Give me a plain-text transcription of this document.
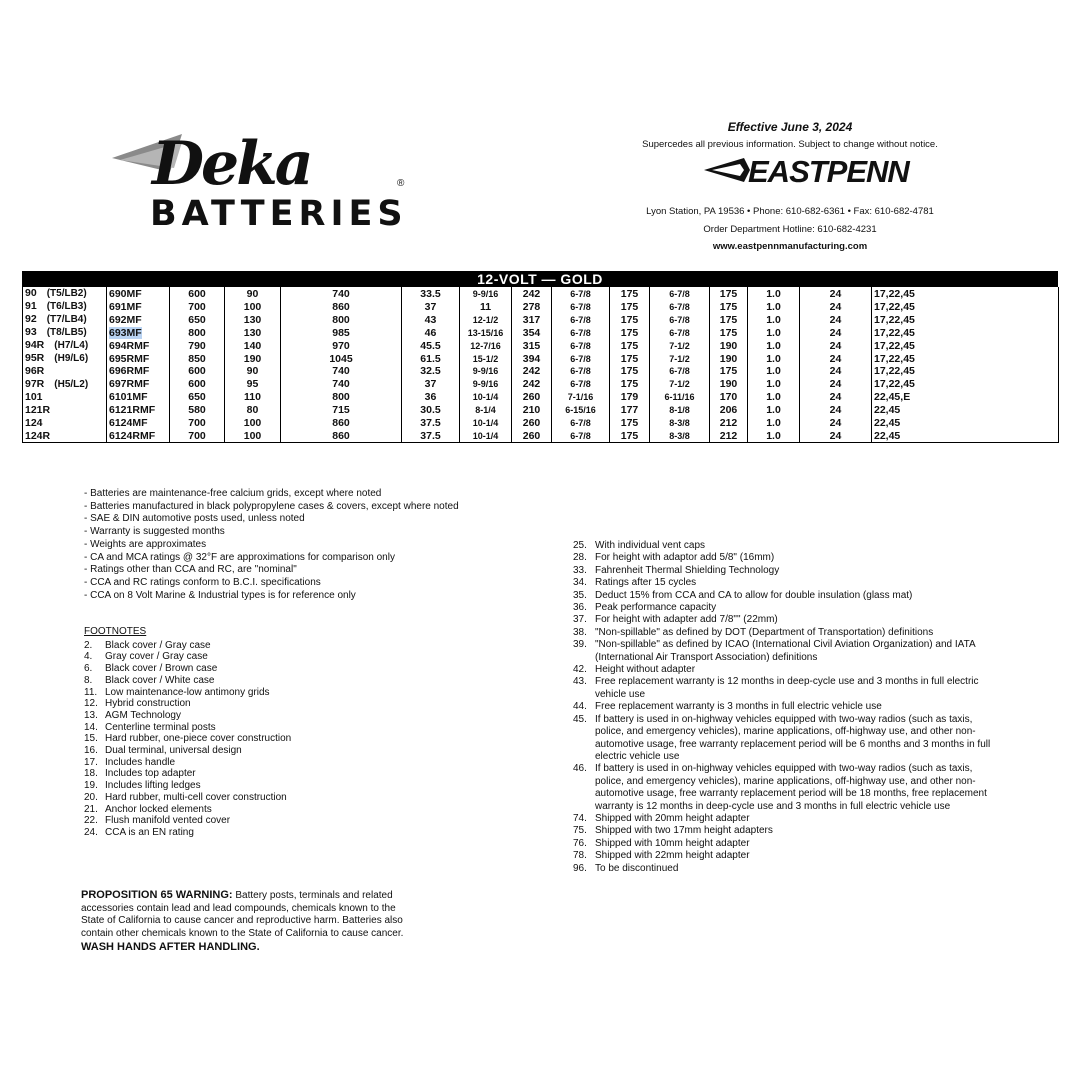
Deka	®
BATTERIES
Effective June 3, 2024
Supercedes all previous information. Subject to change without notice.
EASTPENN
Lyon Station, PA 19536 • Phone: 610-682-6361 • Fax: 610-682-4781
Order Department Hotline: 610-682-4231
www.eastpennmanufacturing.com
12-VOLT — GOLD
90 (T5/LB2)	690MF	600	90	740	33.5	9-9/16	242	6-7/8	175	6-7/8	175	1.0	24	17,22,45
91 (T6/LB3)	691MF	700	100	860	37	11	278	6-7/8	175	6-7/8	175	1.0	24	17,22,45
92 (T7/LB4)	692MF	650	130	800	43	12-1/2	317	6-7/8	175	6-7/8	175	1.0	24	17,22,45
93 (T8/LB5)	693MF	800	130	985	46	13-15/16	354	6-7/8	175	6-7/8	175	1.0	24	17,22,45
94R (H7/L4)	694RMF	790	140	970	45.5	12-7/16	315	6-7/8	175	7-1/2	190	1.0	24	17,22,45
95R (H9/L6)	695RMF	850	190	1045	61.5	15-1/2	394	6-7/8	175	7-1/2	190	1.0	24	17,22,45
96R	696RMF	600	90	740	32.5	9-9/16	242	6-7/8	175	6-7/8	175	1.0	24	17,22,45
97R (H5/L2)	697RMF	600	95	740	37	9-9/16	242	6-7/8	175	7-1/2	190	1.0	24	17,22,45
101	6101MF	650	110	800	36	10-1/4	260	7-1/16	179	6-11/16	170	1.0	24	22,45,E
121R	6121RMF	580	80	715	30.5	8-1/4	210	6-15/16	177	8-1/8	206	1.0	24	22,45
124	6124MF	700	100	860	37.5	10-1/4	260	6-7/8	175	8-3/8	212	1.0	24	22,45
124R	6124RMF	700	100	860	37.5	10-1/4	260	6-7/8	175	8-3/8	212	1.0	24	22,45
- Batteries are maintenance-free calcium grids, except where noted
- Batteries manufactured in black polypropylene cases & covers, except where noted
- SAE & DIN automotive posts used, unless noted
- Warranty is suggested months
- Weights are approximates
- CA and MCA ratings @ 32°F are approximations for comparison only
- Ratings other than CCA and RC, are "nominal"
- CCA and RC ratings conform to B.C.I. specifications
- CCA on 8 Volt Marine & Industrial types is for reference only
FOOTNOTES
2.	Black cover / Gray case
4.	Gray cover / Gray case
6.	Black cover / Brown case
8.	Black cover / White case
11. Low maintenance-low antimony grids
12. Hybrid construction
13. AGM Technology
14. Centerline terminal posts
15. Hard rubber, one-piece cover construction
16. Dual terminal, universal design
17. Includes handle
18. Includes top adapter
19. Includes lifting ledges
20. Hard rubber, multi-cell cover construction
21. Anchor locked elements
22. Flush manifold vented cover
24. CCA is an EN rating
25. With individual vent caps
28. For height with adaptor add 5/8" (16mm)
33. Fahrenheit Thermal Shielding Technology
34. Ratings after 15 cycles
35. Deduct 15% from CCA and CA to allow for double insulation (glass mat)
36. Peak performance capacity
37. For height with adapter add 7/8"" (22mm)
38. "Non-spillable" as defined by DOT (Department of Transportation) definitions
39. "Non-spillable" as defined by ICAO (International Civil Aviation Organization) and IATA (International Air Transport Association) definitions
42. Height without adapter
43. Free replacement warranty is 12 months in deep-cycle use and 3 months in full electric vehicle use
44. Free replacement warranty is 3 months in full electric vehicle use
45. If battery is used in on-highway vehicles equipped with two-way radios (such as taxis, police, and emergency vehicles), marine applications, off-highway use, and other non-automotive usage, free warranty replacement period will be 6 months and 3 months in full electric vehicle use
46. If battery is used in on-highway vehicles equipped with two-way radios (such as taxis, police, and emergency vehicles), marine applications, off-highway use, and other non-automotive usage, free warranty replacement period will be 18 months, free replacement warranty is 12 months in deep-cycle use and 3 months in full electric vehicle use
74. Shipped with 20mm height adapter
75. Shipped with two 17mm height adapters
76. Shipped with 10mm height adapter
78. Shipped with 22mm height adapter
96. To be discontinued
PROPOSITION 65 WARNING: Battery posts, terminals and related accessories contain lead and lead compounds, chemicals known to the State of California to cause cancer and reproductive harm. Batteries also contain other chemicals known to the State of California to cause cancer.
WASH HANDS AFTER HANDLING.
